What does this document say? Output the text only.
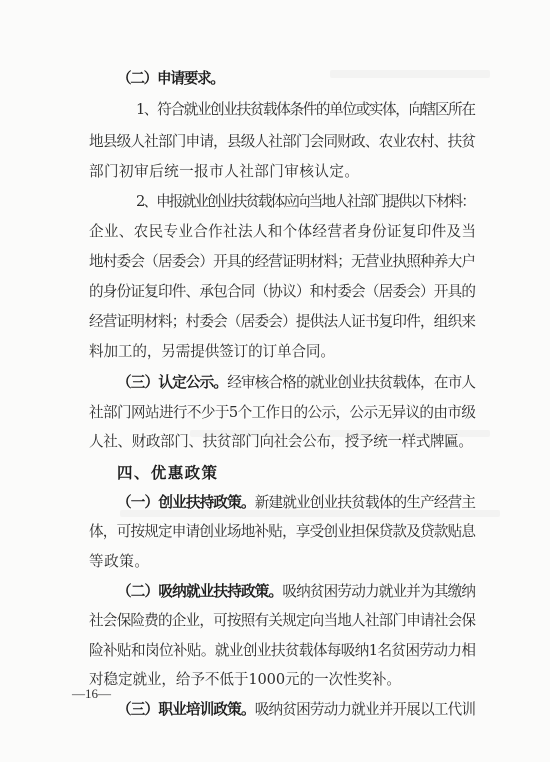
（二）申请要求。
1、符合就业创业扶贫载体条件的单位或实体，向辖区所在
地县级人社部门申请，县级人社部门会同财政、农业农村、扶贫
部门初审后统一报市人社部门审核认定。
2、申报就业创业扶贫载体应向当地人社部门提供以下材料：
企业、农民专业合作社法人和个体经营者身份证复印件及当
地村委会（居委会）开具的经营证明材料；无营业执照种养大户
的身份证复印件、承包合同（协议）和村委会（居委会）开具的
经营证明材料；村委会（居委会）提供法人证书复印件，组织来
料加工的，另需提供签订的订单合同。
（三）认定公示。经审核合格的就业创业扶贫载体，在市人
社部门网站进行不少于5个工作日的公示，公示无异议的由市级
人社、财政部门、扶贫部门向社会公布，授予统一样式牌匾。
四、优惠政策
（一）创业扶持政策。新建就业创业扶贫载体的生产经营主
体，可按规定申请创业场地补贴，享受创业担保贷款及贷款贴息
等政策。
（二）吸纳就业扶持政策。吸纳贫困劳动力就业并为其缴纳
社会保险费的企业，可按照有关规定向当地人社部门申请社会保
险补贴和岗位补贴。就业创业扶贫载体每吸纳1名贫困劳动力相
对稳定就业，给予不低于1000元的一次性奖补。
（三）职业培训政策。吸纳贫困劳动力就业并开展以工代训
—16—
